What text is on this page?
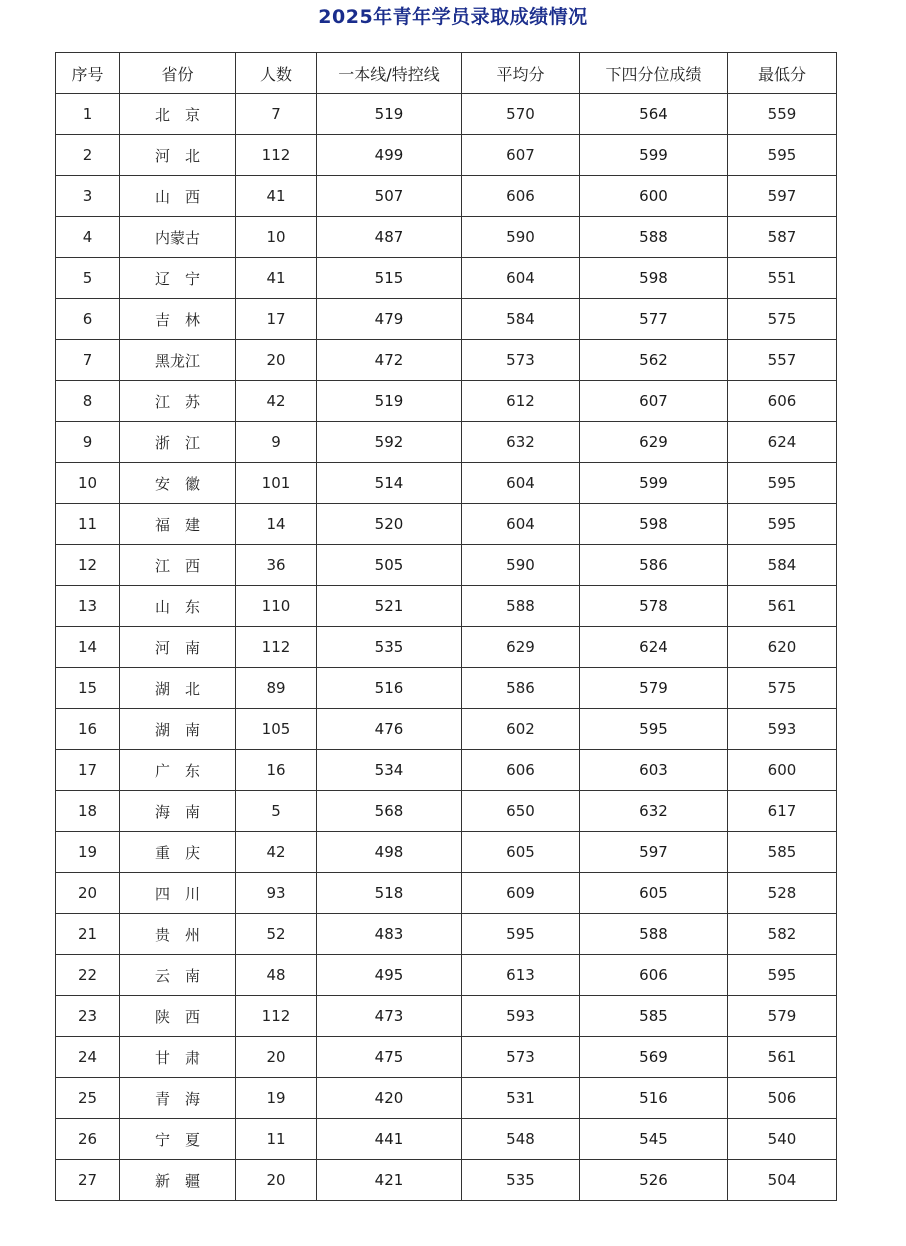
2025年青年学员录取成绩情况
序号	省份	人数	一本线/特控线	平均分	下四分位成绩	最低分
1	北　京	7	519	570	564	559
2	河　北	112	499	607	599	595
3	山　西	41	507	606	600	597
4	内蒙古	10	487	590	588	587
5	辽　宁	41	515	604	598	551
6	吉　林	17	479	584	577	575
7	黑龙江	20	472	573	562	557
8	江　苏	42	519	612	607	606
9	浙　江	9	592	632	629	624
10	安　徽	101	514	604	599	595
11	福　建	14	520	604	598	595
12	江　西	36	505	590	586	584
13	山　东	110	521	588	578	561
14	河　南	112	535	629	624	620
15	湖　北	89	516	586	579	575
16	湖　南	105	476	602	595	593
17	广　东	16	534	606	603	600
18	海　南	5	568	650	632	617
19	重　庆	42	498	605	597	585
20	四　川	93	518	609	605	528
21	贵　州	52	483	595	588	582
22	云　南	48	495	613	606	595
23	陕　西	112	473	593	585	579
24	甘　肃	20	475	573	569	561
25	青　海	19	420	531	516	506
26	宁　夏	11	441	548	545	540
27	新　疆	20	421	535	526	504
